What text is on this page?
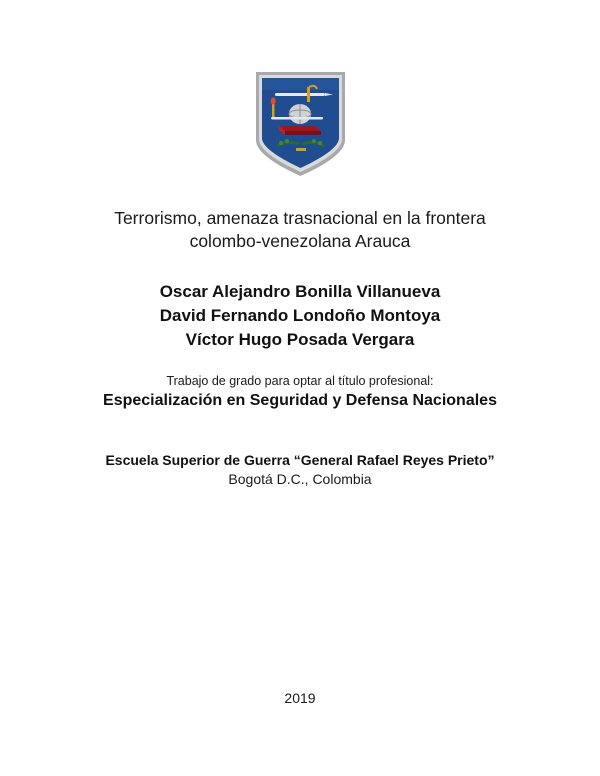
Terrorismo, amenaza trasnacional en la frontera
colombo-venezolana Arauca
Oscar Alejandro Bonilla Villanueva
David Fernando Londoño Montoya
Víctor Hugo Posada Vergara
Trabajo de grado para optar al título profesional:
Especialización en Seguridad y Defensa Nacionales
Escuela Superior de Guerra “General Rafael Reyes Prieto”
Bogotá D.C., Colombia
2019
